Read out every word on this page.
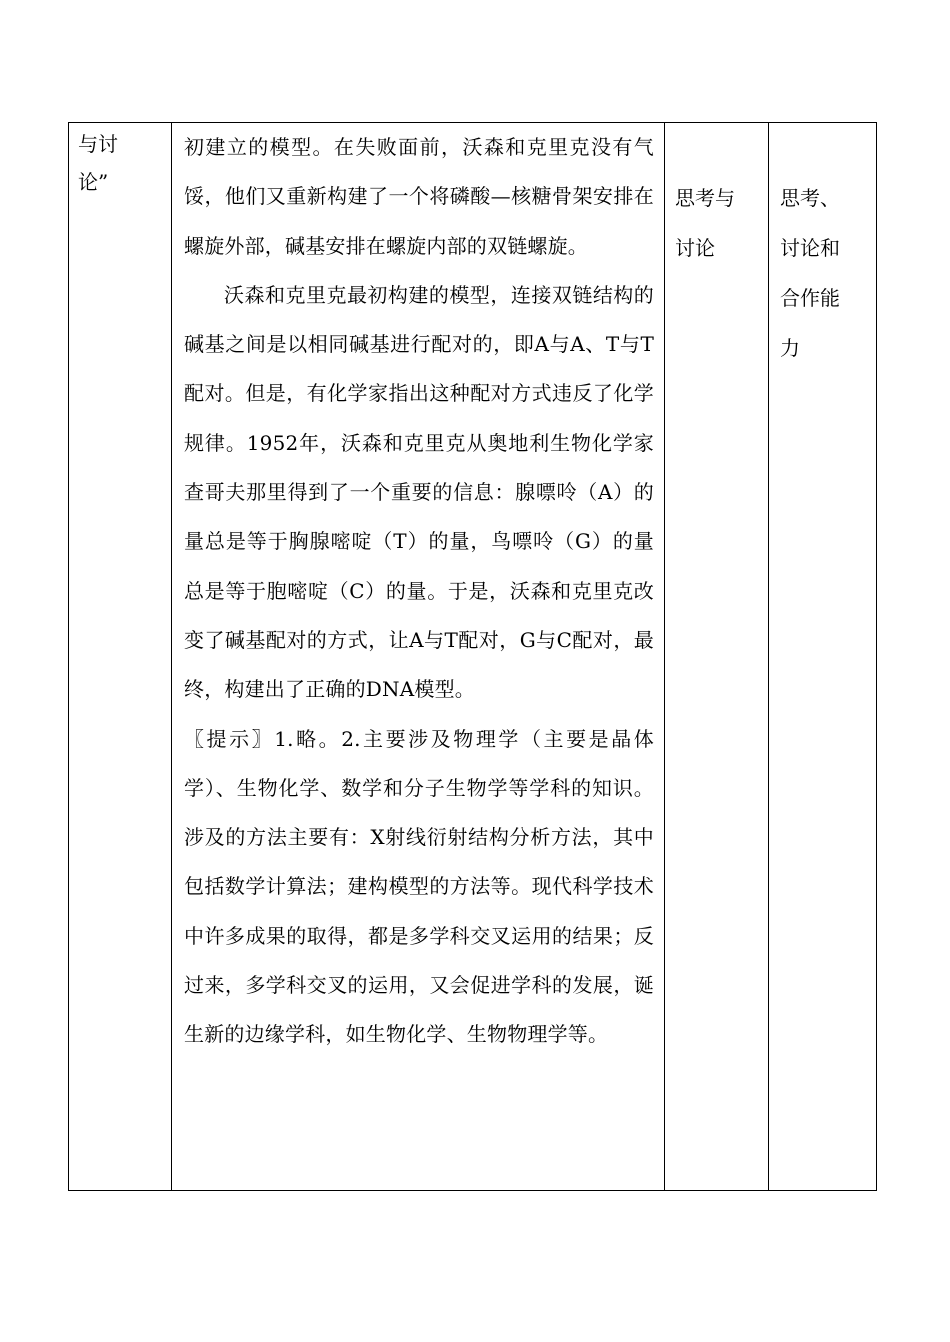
与讨
论”

初建立的模型。在失败面前，沃森和克里克没有气馁，他们又重新构建了一个将磷酸—核糖骨架安排在螺旋外部，碱基安排在螺旋内部的双链螺旋。

沃森和克里克最初构建的模型，连接双链结构的碱基之间是以相同碱基进行配对的，即A与A、T与T配对。但是，有化学家指出这种配对方式违反了化学规律。1952年，沃森和克里克从奥地利生物化学家查哥夫那里得到了一个重要的信息：腺嘌呤（A）的量总是等于胸腺嘧啶（T）的量，鸟嘌呤（G）的量总是等于胞嘧啶（C）的量。于是，沃森和克里克改变了碱基配对的方式，让A与T配对，G与C配对，最终，构建出了正确的DNA模型。

〖提示〗1.略。2.主要涉及物理学（主要是晶体学）、生物化学、数学和分子生物学等学科的知识。涉及的方法主要有：X射线衍射结构分析方法，其中包括数学计算法；建构模型的方法等。现代科学技术中许多成果的取得，都是多学科交叉运用的结果；反过来，多学科交叉的运用，又会促进学科的发展，诞生新的边缘学科，如生物化学、生物物理学等。

思考与
讨论

思考、
讨论和
合作能
力
